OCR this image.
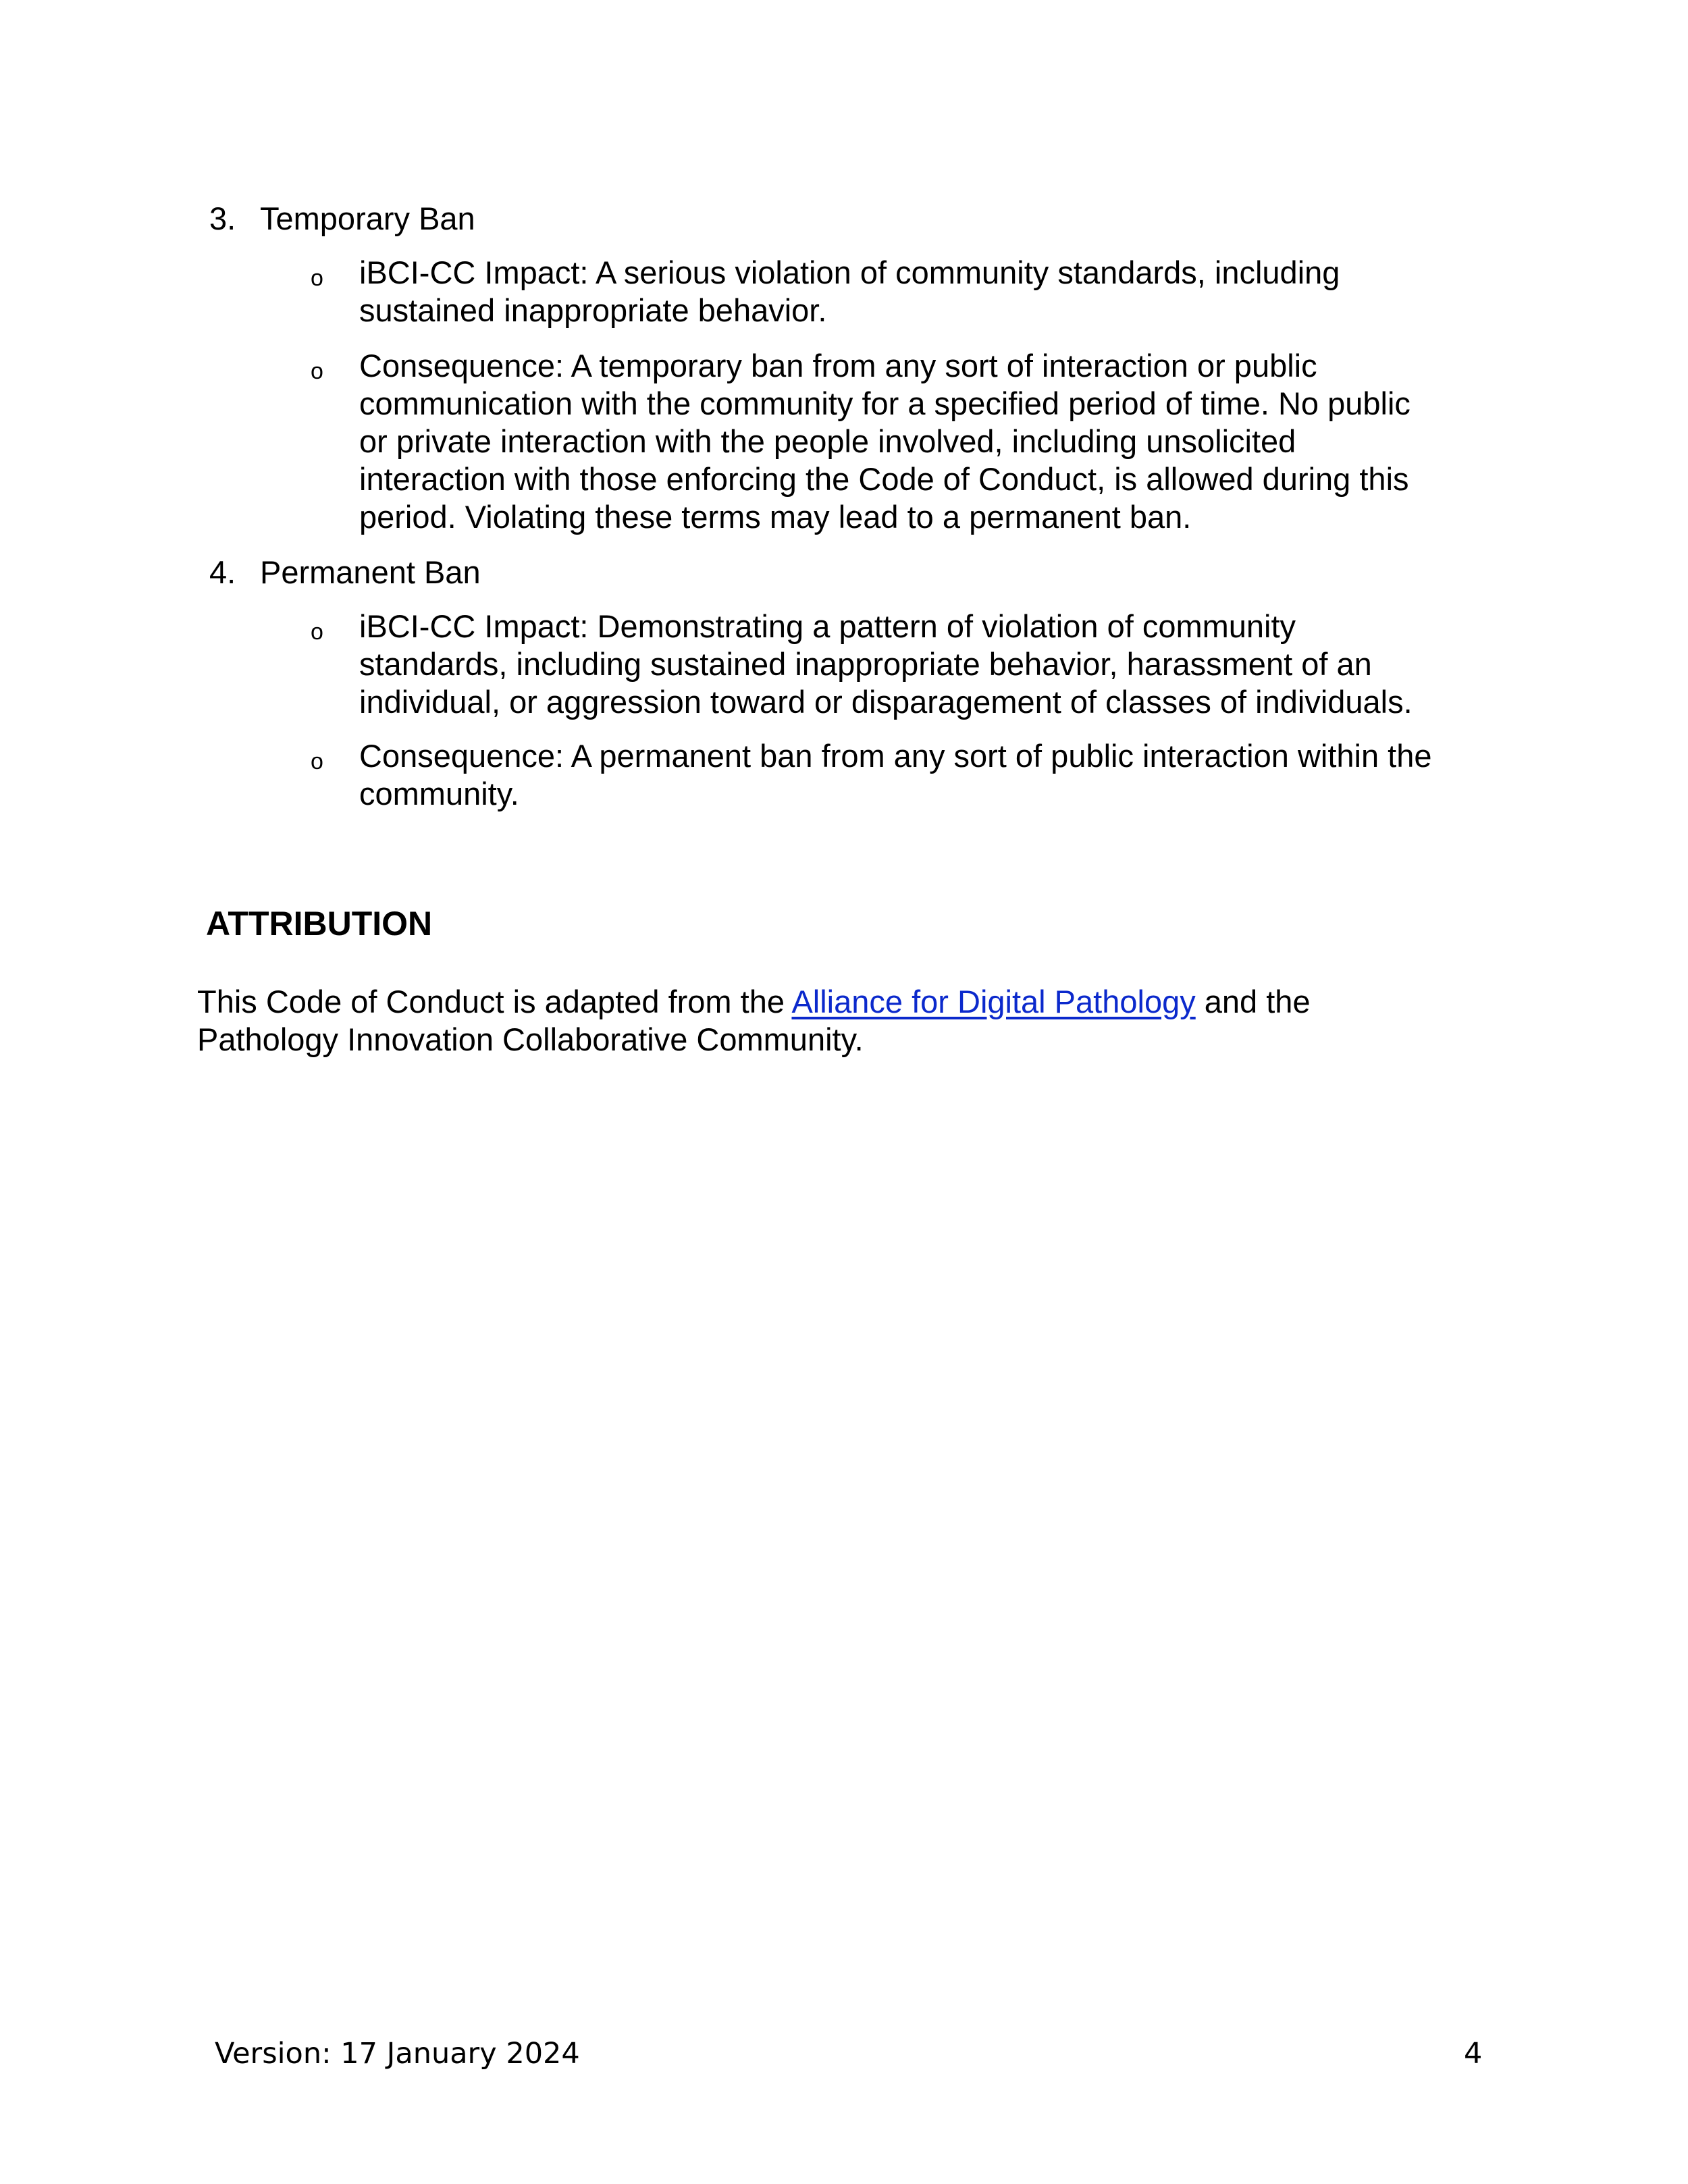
3. Temporary Ban
o iBCI-CC Impact: A serious violation of community standards, including
sustained inappropriate behavior.
o Consequence: A temporary ban from any sort of interaction or public
communication with the community for a specified period of time. No public
or private interaction with the people involved, including unsolicited
interaction with those enforcing the Code of Conduct, is allowed during this
period. Violating these terms may lead to a permanent ban.
4. Permanent Ban
o iBCI-CC Impact: Demonstrating a pattern of violation of community
standards, including sustained inappropriate behavior, harassment of an
individual, or aggression toward or disparagement of classes of individuals.
o Consequence: A permanent ban from any sort of public interaction within the
community.
ATTRIBUTION
This Code of Conduct is adapted from the Alliance for Digital Pathology and the
Pathology Innovation Collaborative Community.
Version: 17 January 2024	4
